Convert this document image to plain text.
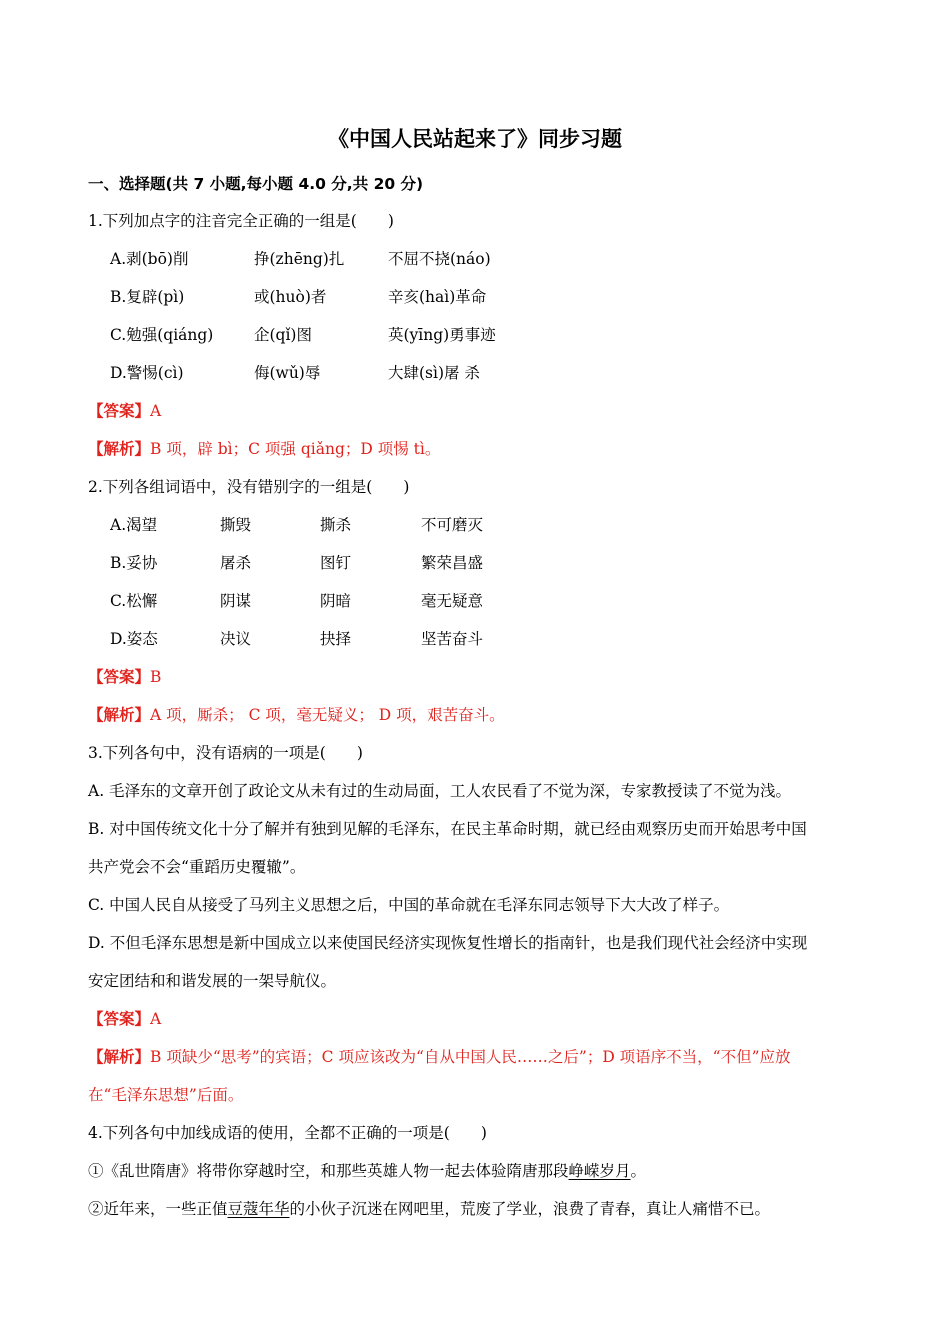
《中国人民站起来了》同步习题
一、选择题(共 7 小题,每小题 4.0 分,共 20 分)
1.下列加点字的注音完全正确的一组是(　　)
A.剥(bō)削	挣(zhēng)扎	不屈不挠(náo)
B.复辟(pì)	或(huò)者	辛亥(haì)革命
C.勉强(qiáng)	企(qǐ)图	英(yīng)勇事迹
D.警惕(cì)	侮(wǔ)辱	大肆(sì)屠 杀
【答案】A
【解析】B 项，辟 bì；C 项强 qiǎng；D 项惕 tì。
2.下列各组词语中，没有错别字的一组是(　　)
A.渴望	撕毁	撕杀	不可磨灭
B.妥协	屠杀	图钉	繁荣昌盛
C.松懈	阴谋	阴暗	毫无疑意
D.姿态	决议	抉择	坚苦奋斗
【答案】B
【解析】A 项，厮杀； C 项，毫无疑义； D 项，艰苦奋斗。
3.下列各句中，没有语病的一项是(　　)
A. 毛泽东的文章开创了政论文从未有过的生动局面，工人农民看了不觉为深，专家教授读了不觉为浅。
B. 对中国传统文化十分了解并有独到见解的毛泽东，在民主革命时期，就已经由观察历史而开始思考中国
共产党会不会“重蹈历史覆辙”。
C. 中国人民自从接受了马列主义思想之后，中国的革命就在毛泽东同志领导下大大改了样子。
D. 不但毛泽东思想是新中国成立以来使国民经济实现恢复性增长的指南针，也是我们现代社会经济中实现
安定团结和和谐发展的一架导航仪。
【答案】A
【解析】B 项缺少“思考”的宾语；C 项应该改为“自从中国人民……之后”；D 项语序不当，“不但”应放
在“毛泽东思想”后面。
4.下列各句中加线成语的使用，全都不正确的一项是(　　)
①《乱世隋唐》将带你穿越时空，和那些英雄人物一起去体验隋唐那段峥嵘岁月。
②近年来，一些正值豆蔻年华的小伙子沉迷在网吧里，荒废了学业，浪费了青春，真让人痛惜不已。
